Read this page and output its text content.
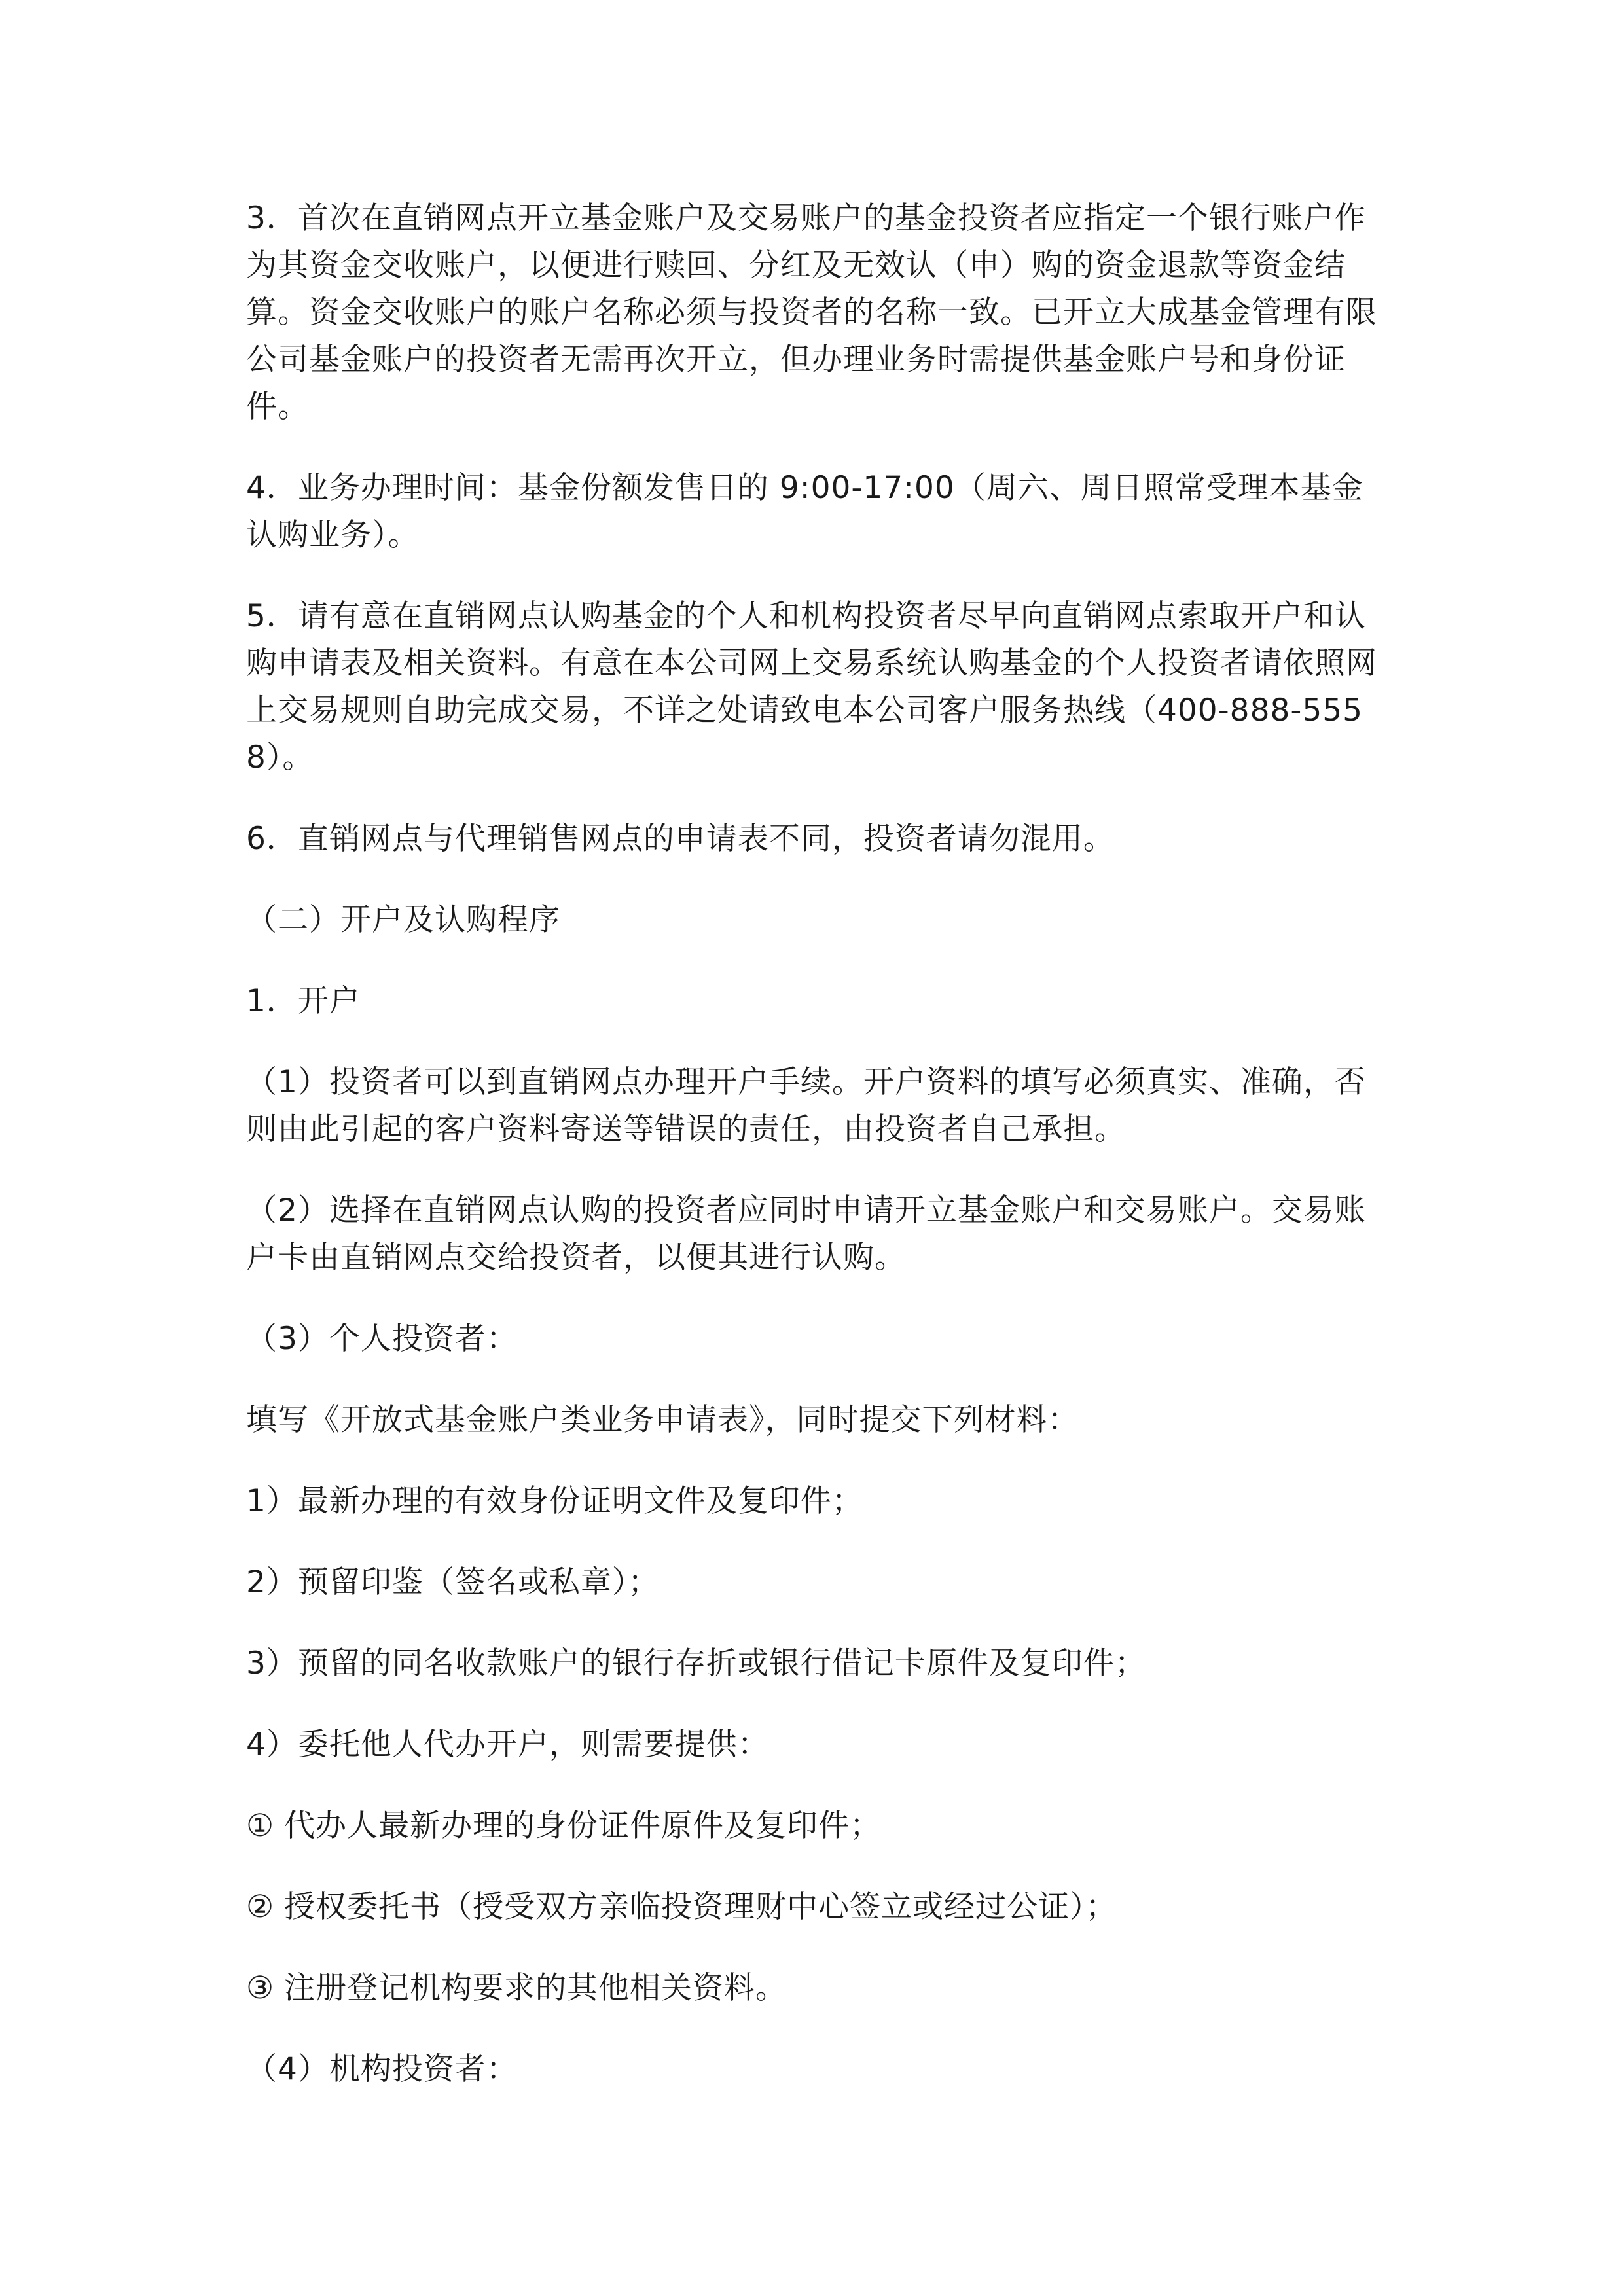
3．首次在直销网点开立基金账户及交易账户的基金投资者应指定一个银行账户作为其资金交收账户，以便进行赎回、分红及无效认（申）购的资金退款等资金结算。资金交收账户的账户名称必须与投资者的名称一致。已开立大成基金管理有限公司基金账户的投资者无需再次开立，但办理业务时需提供基金账户号和身份证件。

4．业务办理时间：基金份额发售日的 9:00-17:00（周六、周日照常受理本基金认购业务）。

5．请有意在直销网点认购基金的个人和机构投资者尽早向直销网点索取开户和认购申请表及相关资料。有意在本公司网上交易系统认购基金的个人投资者请依照网上交易规则自助完成交易，不详之处请致电本公司客户服务热线（400-888-5558）。

6．直销网点与代理销售网点的申请表不同，投资者请勿混用。

（二）开户及认购程序

1．开户

（1）投资者可以到直销网点办理开户手续。开户资料的填写必须真实、准确，否则由此引起的客户资料寄送等错误的责任，由投资者自己承担。

（2）选择在直销网点认购的投资者应同时申请开立基金账户和交易账户。交易账户卡由直销网点交给投资者，以便其进行认购。

（3）个人投资者：

填写《开放式基金账户类业务申请表》，同时提交下列材料：

1）最新办理的有效身份证明文件及复印件；

2）预留印鉴（签名或私章）；

3）预留的同名收款账户的银行存折或银行借记卡原件及复印件；

4）委托他人代办开户，则需要提供：

① 代办人最新办理的身份证件原件及复印件；

② 授权委托书（授受双方亲临投资理财中心签立或经过公证）；

③ 注册登记机构要求的其他相关资料。

（4）机构投资者：
